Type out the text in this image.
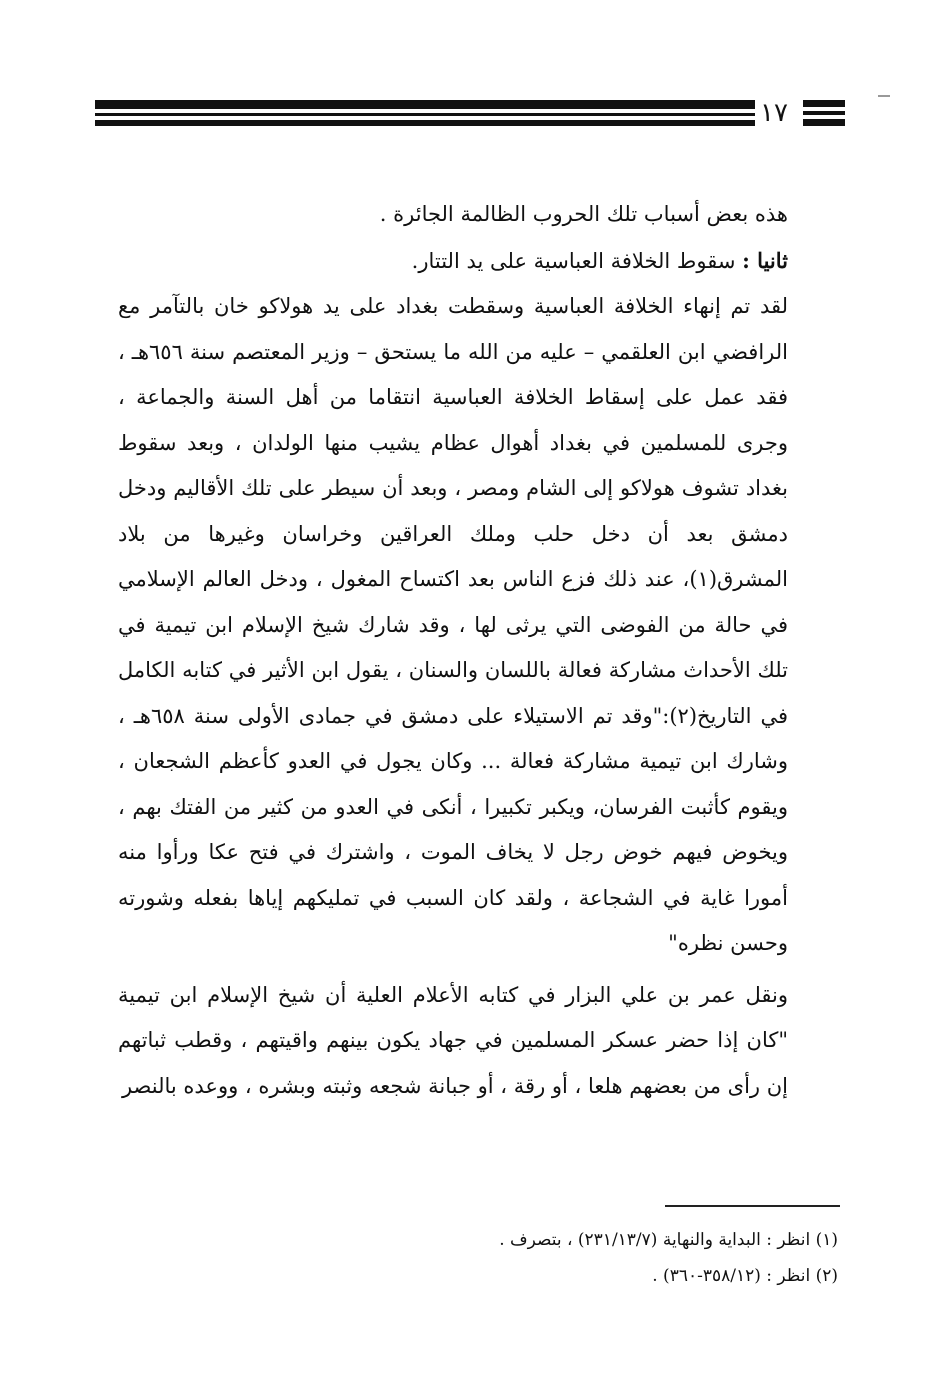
١٧

هذه بعض أسباب تلك الحروب الظالمة الجائرة .

ثانيا : سقوط الخلافة العباسية على يد التتار.

لقد تم إنهاء الخلافة العباسية وسقطت بغداد على يد هولاكو خان بالتآمر مع الرافضي ابن العلقمي – عليه من الله ما يستحق – وزير المعتصم سنة ٦٥٦هـ ، فقد عمل على إسقاط الخلافة العباسية انتقاما من أهل السنة والجماعة ، وجرى للمسلمين في بغداد أهوال عظام يشيب منها الولدان ، وبعد سقوط بغداد تشوف هولاكو إلى الشام ومصر ، وبعد أن سيطر على تلك الأقاليم ودخل دمشق بعد أن دخل حلب وملك العراقين وخراسان وغيرها من بلاد المشرق(١)، عند ذلك فزع الناس بعد اكتساح المغول ، ودخل العالم الإسلامي في حالة من الفوضى التي يرثى لها ، وقد شارك شيخ الإسلام ابن تيمية في تلك الأحداث مشاركة فعالة باللسان والسنان ، يقول ابن الأثير في كتابه الكامل في التاريخ(٢):"وقد تم الاستيلاء على دمشق في جمادى الأولى سنة ٦٥٨هـ ، وشارك ابن تيمية مشاركة فعالة ... وكان يجول في العدو كأعظم الشجعان ، ويقوم كأثبت الفرسان، ويكبر تكبيرا ، أنكى في العدو من كثير من الفتك بهم ، ويخوض فيهم خوض رجل لا يخاف الموت ، واشترك في فتح عكا ورأوا منه أمورا غاية في الشجاعة ، ولقد كان السبب في تمليكهم إياها بفعله وشورته وحسن نظره"

ونقل عمر بن علي البزار في كتابه الأعلام العلية أن شيخ الإسلام ابن تيمية "كان إذا حضر عسكر المسلمين في جهاد يكون بينهم واقيتهم ، وقطب ثباتهم إن رأى من بعضهم هلعا ، أو رقة ، أو جبانة شجعه وثبته وبشره ، ووعده بالنصر

(١) انظر : البداية والنهاية (٢٣١/١٣/٧) ، بتصرف .

(٢) انظر : (٣٥٨/١٢-٣٦٠) .
